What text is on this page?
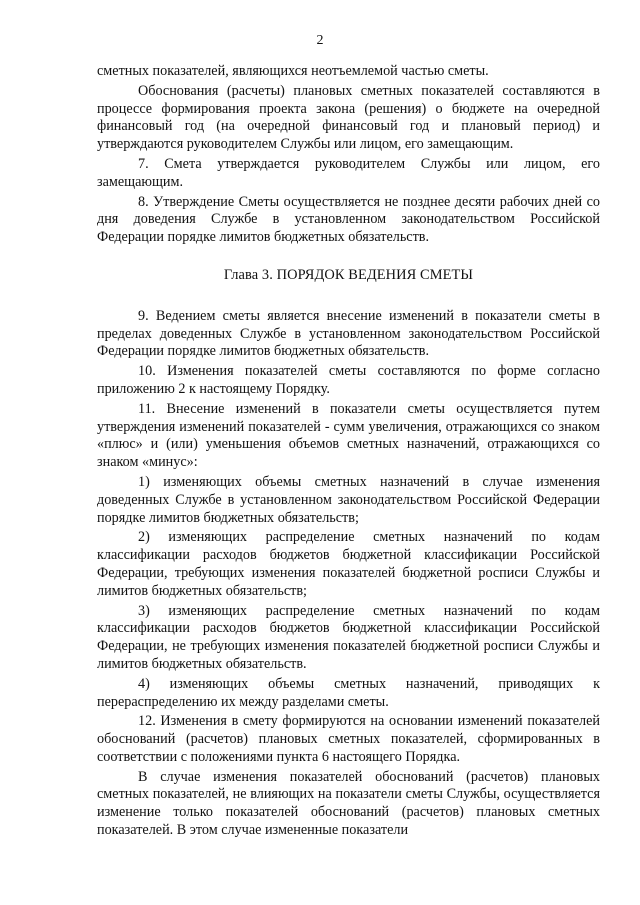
2

сметных показателей, являющихся неотъемлемой частью сметы.

Обоснования (расчеты) плановых сметных показателей составляются в процессе формирования проекта закона (решения) о бюджете на очередной финансовый год (на очередной финансовый год и плановый период) и утверждаются руководителем Службы или лицом, его замещающим.

7. Смета утверждается руководителем Службы или лицом, его замещающим.

8. Утверждение Сметы осуществляется не позднее десяти рабочих дней со дня доведения Службе в установленном законодательством Российской Федерации порядке лимитов бюджетных обязательств.

Глава 3. ПОРЯДОК ВЕДЕНИЯ СМЕТЫ

9. Ведением сметы является внесение изменений в показатели сметы в пределах доведенных Службе в установленном законодательством Российской Федерации порядке лимитов бюджетных обязательств.

10. Изменения показателей сметы составляются по форме согласно приложению 2 к настоящему Порядку.

11. Внесение изменений в показатели сметы осуществляется путем утверждения изменений показателей - сумм увеличения, отражающихся со знаком «плюс» и (или) уменьшения объемов сметных назначений, отражающихся со знаком «минус»:

1) изменяющих объемы сметных назначений в случае изменения доведенных Службе в установленном законодательством Российской Федерации порядке лимитов бюджетных обязательств;

2) изменяющих распределение сметных назначений по кодам классификации расходов бюджетов бюджетной классификации Российской Федерации, требующих изменения показателей бюджетной росписи Службы и лимитов бюджетных обязательств;

3) изменяющих распределение сметных назначений по кодам классификации расходов бюджетов бюджетной классификации Российской Федерации, не требующих изменения показателей бюджетной росписи Службы и лимитов бюджетных обязательств.

4) изменяющих объемы сметных назначений, приводящих к перераспределению их между разделами сметы.

12. Изменения в смету формируются на основании изменений показателей обоснований (расчетов) плановых сметных показателей, сформированных в соответствии с положениями пункта 6 настоящего Порядка.

В случае изменения показателей обоснований (расчетов) плановых сметных показателей, не влияющих на показатели сметы Службы, осуществляется изменение только показателей обоснований (расчетов) плановых сметных показателей. В этом случае измененные показатели
